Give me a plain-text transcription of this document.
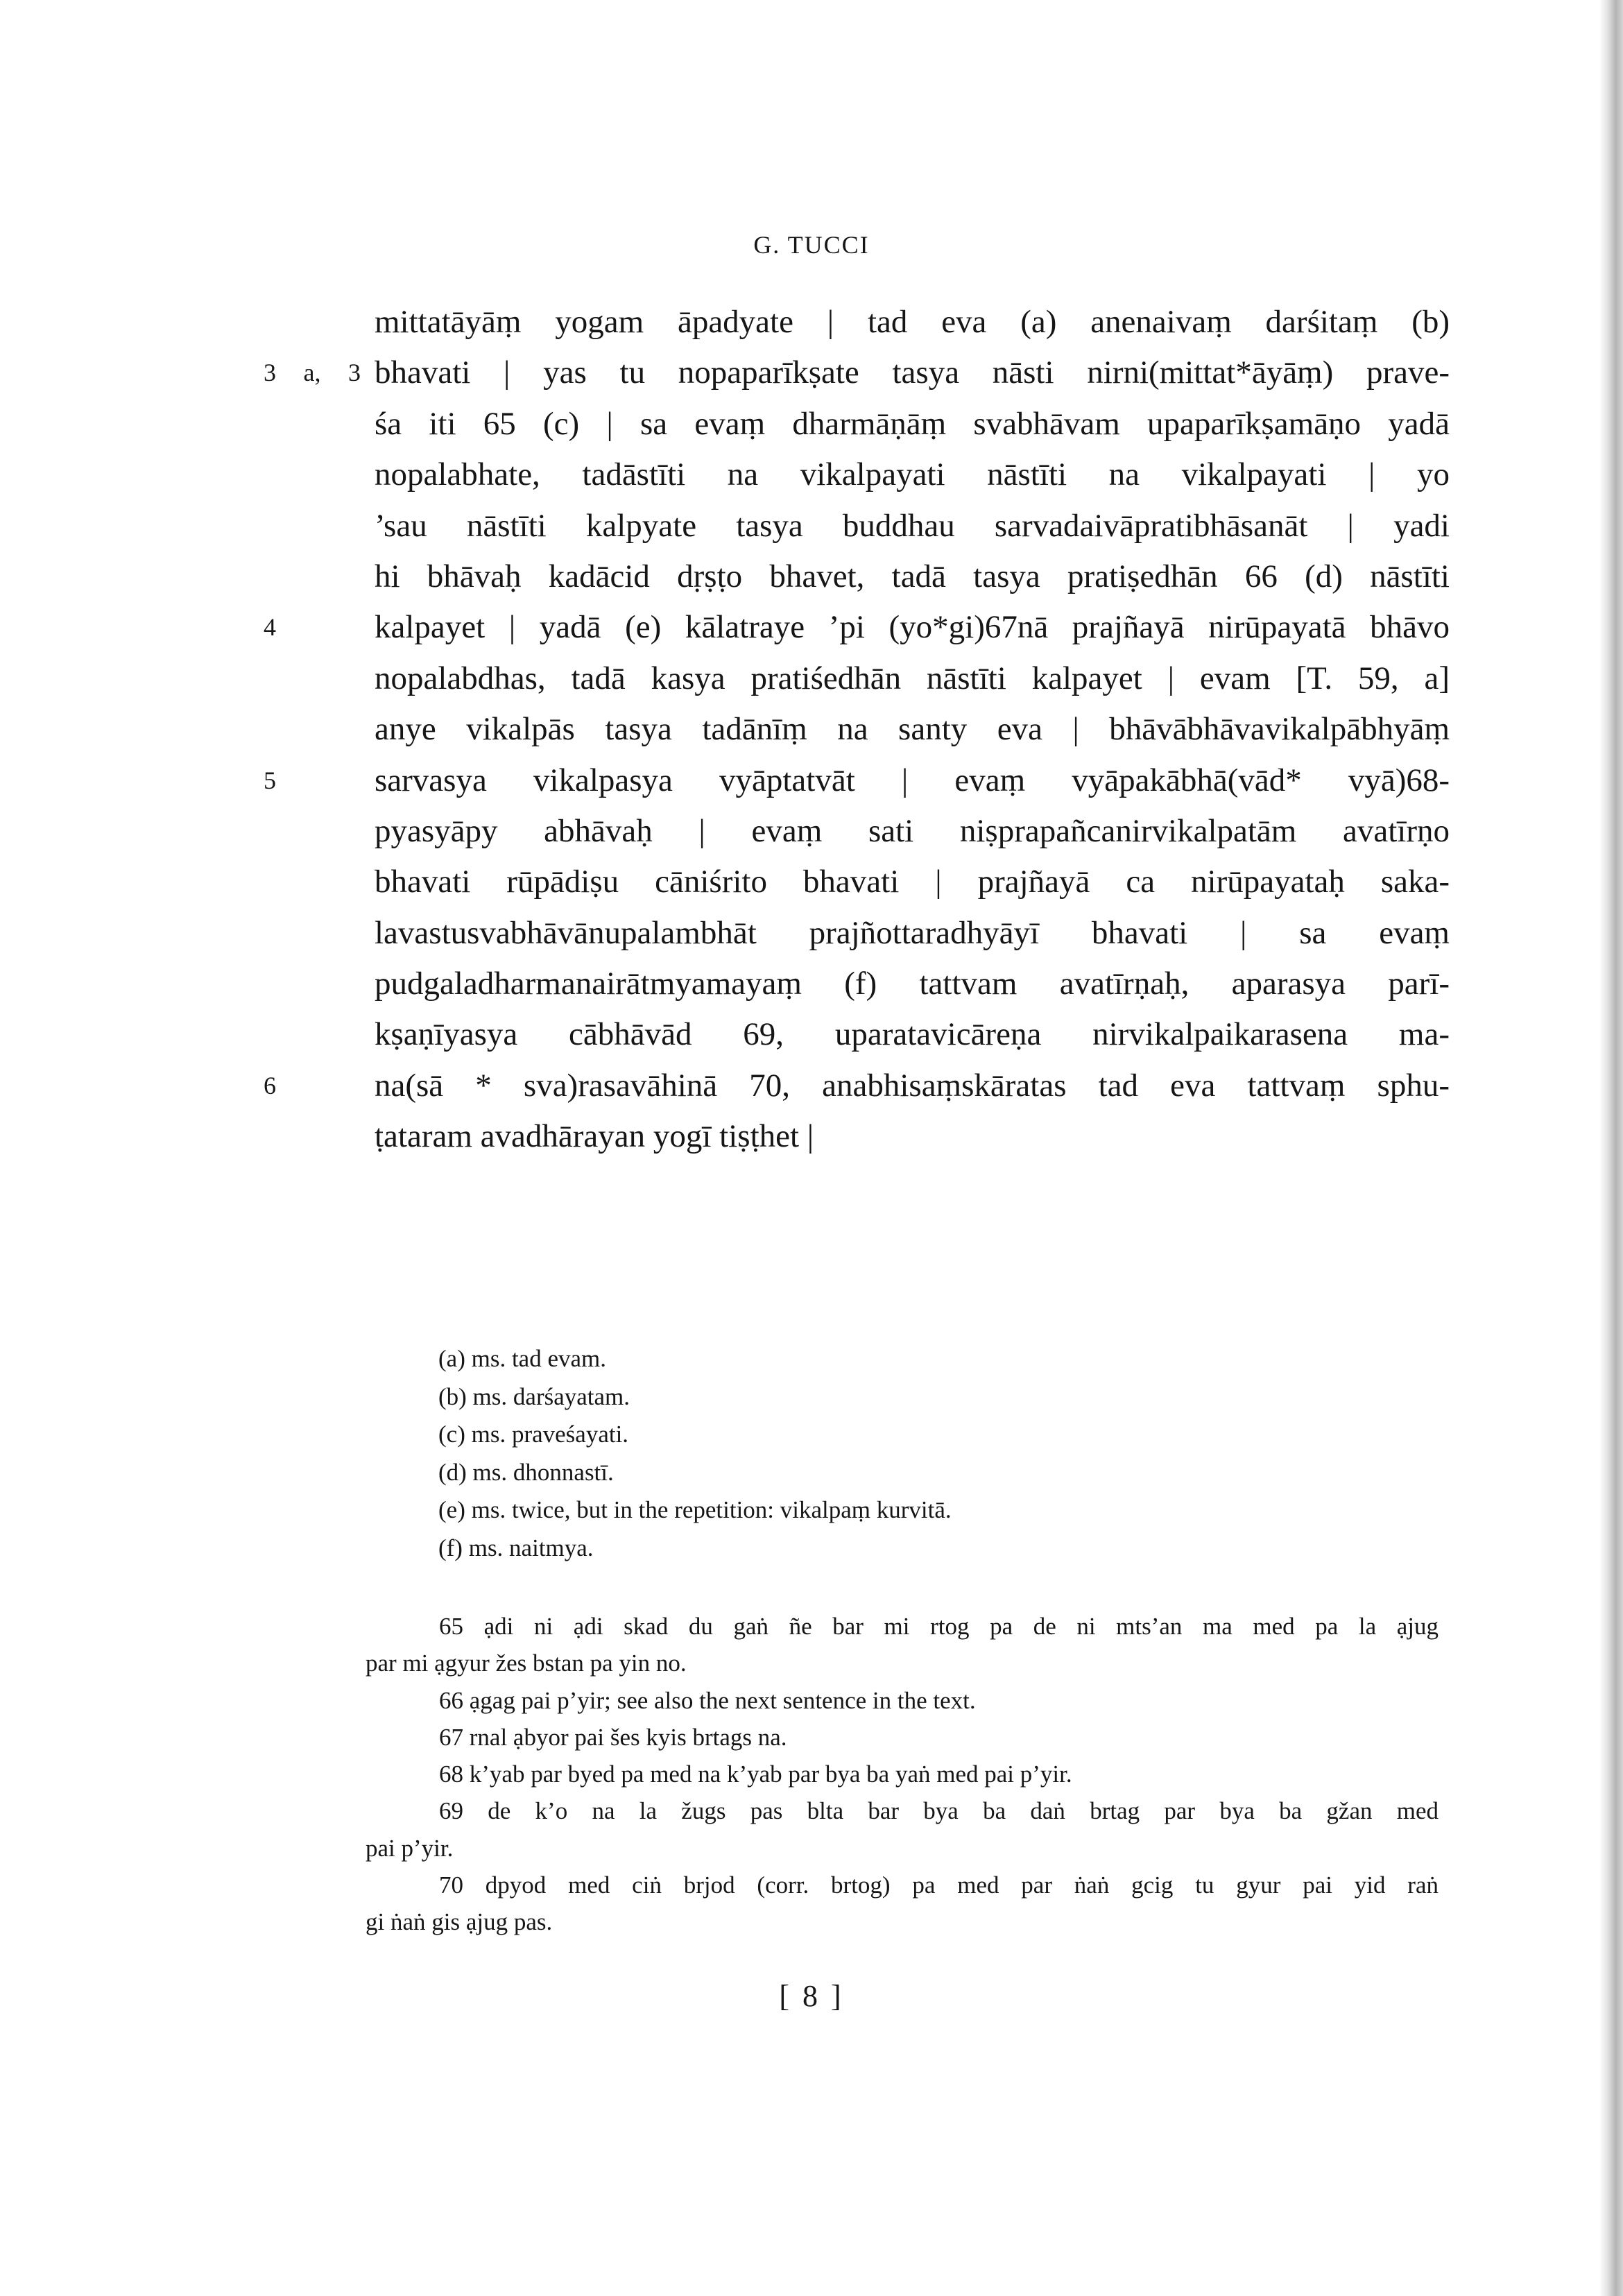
G. TUCCI
mittatāyāṃ yogam āpadyate | tad eva (a) anenaivaṃ darśitaṃ (b)
3 a, 3 bhavati | yas tu nopaparīkṣate tasya nāsti nirni(mittat*āyāṃ) prave-
śa iti 65 (c) | sa evaṃ dharmāṇāṃ svabhāvam upaparīkṣamāṇo yadā
nopalabhate, tadāstīti na vikalpayati nāstīti na vikalpayati | yo
’sau nāstīti kalpyate tasya buddhau sarvadaivāpratibhāsanāt | yadi
hi bhāvaḥ kadācid dṛṣṭo bhavet, tadā tasya pratiṣedhān 66 (d) nāstīti
4	kalpayet | yadā (e) kālatraye ’pi (yo*gi)67nā prajñayā nirūpayatā bhāvo
nopalabdhas, tadā kasya pratiśedhān nāstīti kalpayet | evam [T. 59, a]
anye vikalpās tasya tadānīṃ na santy eva | bhāvābhāvavikalpābhyāṃ
5	sarvasya vikalpasya vyāptatvāt | evaṃ vyāpakābhā(vād* vyā)68-
pyasyāpy abhāvaḥ | evaṃ sati niṣprapañcanirvikalpatām avatīrṇo
bhavati rūpādiṣu cāniśrito bhavati | prajñayā ca nirūpayataḥ saka-
lavastusvabhāvānupalambhāt prajñottaradhyāyī bhavati | sa evaṃ
pudgaladharmanairātmyamayaṃ (f) tattvam avatīrṇaḥ, aparasya parī-
kṣaṇīyasya cābhāvād 69, uparatavicāreṇa nirvikalpaikarasena ma-
6	na(sā * sva)rasavāhinā 70, anabhisaṃskāratas tad eva tattvaṃ sphu-
ṭataram avadhārayan yogī tiṣṭhet |
(a) ms. tad evam.
(b) ms. darśayatam.
(c) ms. praveśayati.
(d) ms. dhonnastī.
(e) ms. twice, but in the repetition: vikalpaṃ kurvitā.
(f) ms. naitmya.
65 ạdi ni ạdi skad du gaṅ ñe bar mi rtog pa de ni mts’an ma med pa la ạjug
par mi ạgyur žes bstan pa yin no.
66 ạgag pai p’yir; see also the next sentence in the text.
67 rnal ạbyor pai šes kyis brtags na.
68 k’yab par byed pa med na k’yab par bya ba yaṅ med pai p’yir.
69 de k’o na la žugs pas blta bar bya ba daṅ brtag par bya ba gžan med
pai p’yir.
70 dpyod med ciṅ brjod (corr. brtog) pa med par ṅaṅ gcig tu gyur pai yid raṅ
gi ṅaṅ gis ạjug pas.
[ 8 ]
